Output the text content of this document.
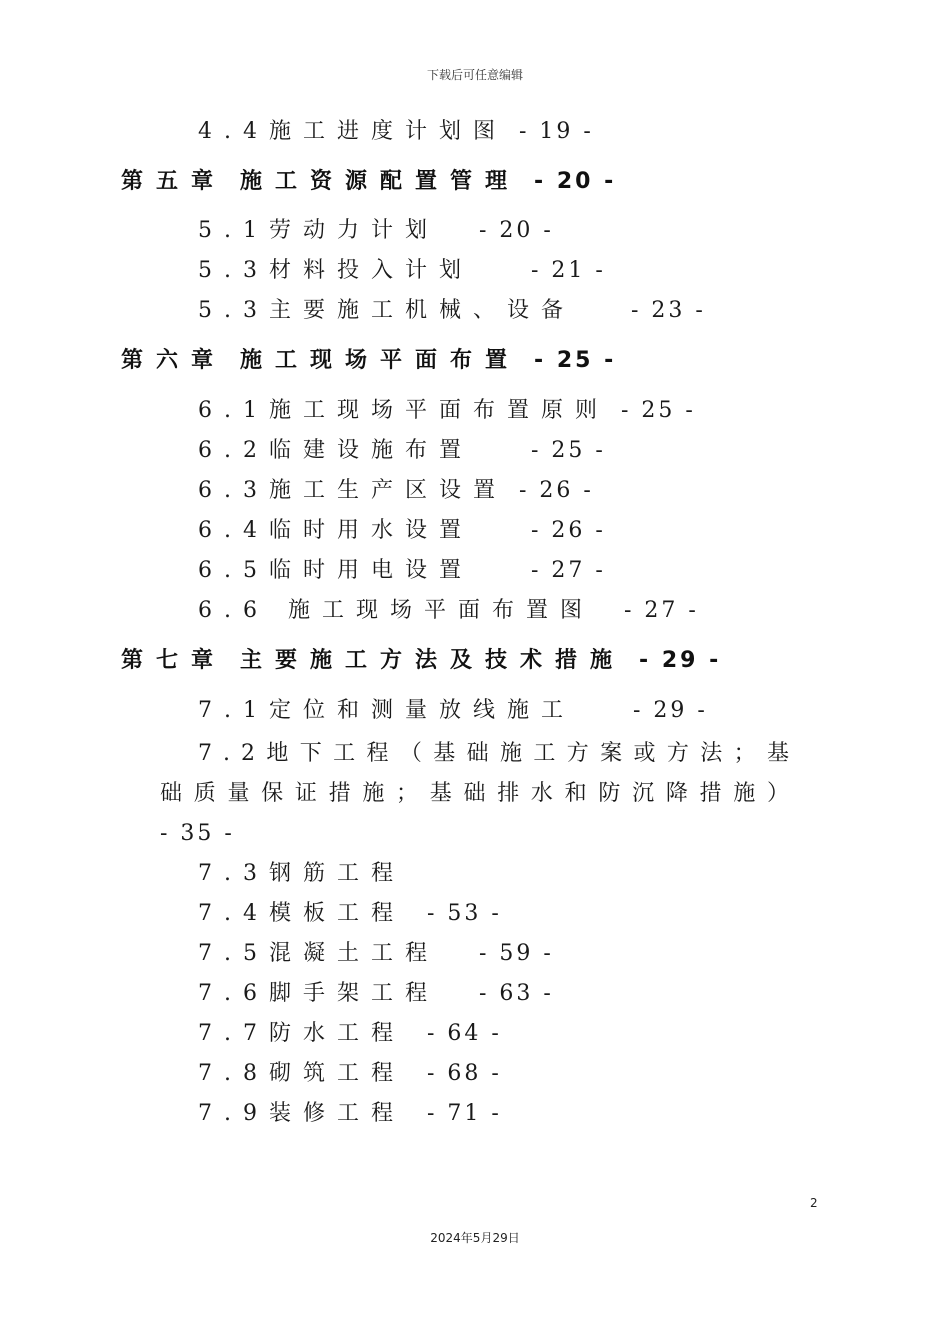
下载后可任意编辑
4.4施工进度计划图 - 19 -
第五章 施工资源配置管理 - 20 -
5.1劳动力计划 - 20 -
5.3材料投入计划	- 21 -
5.3主要施工机械、设备	- 23 -
第六章 施工现场平面布置 - 25 -
6.1施工现场平面布置原则 - 25 -
6.2临建设施布置	- 25 -
6.3施工生产区设置 - 26 -
6.4临时用水设置	- 26 -
6.5临时用电设置	- 27 -
6.6 施工现场平面布置图 - 27 -
第七章 主要施工方法及技术措施 - 29 -
7.1定位和测量放线施工	- 29 -
7.2地下工程（基础施工方案或方法；基础质量保证措施；基础排水和防沉降措施） - 35 -
7.3钢筋工程
7.4模板工程 - 53 -
7.5混凝土工程 - 59 -
7.6脚手架工程 - 63 -
7.7防水工程 - 64 -
7.8砌筑工程 - 68 -
7.9装修工程 - 71 -
2
2024年5月29日
